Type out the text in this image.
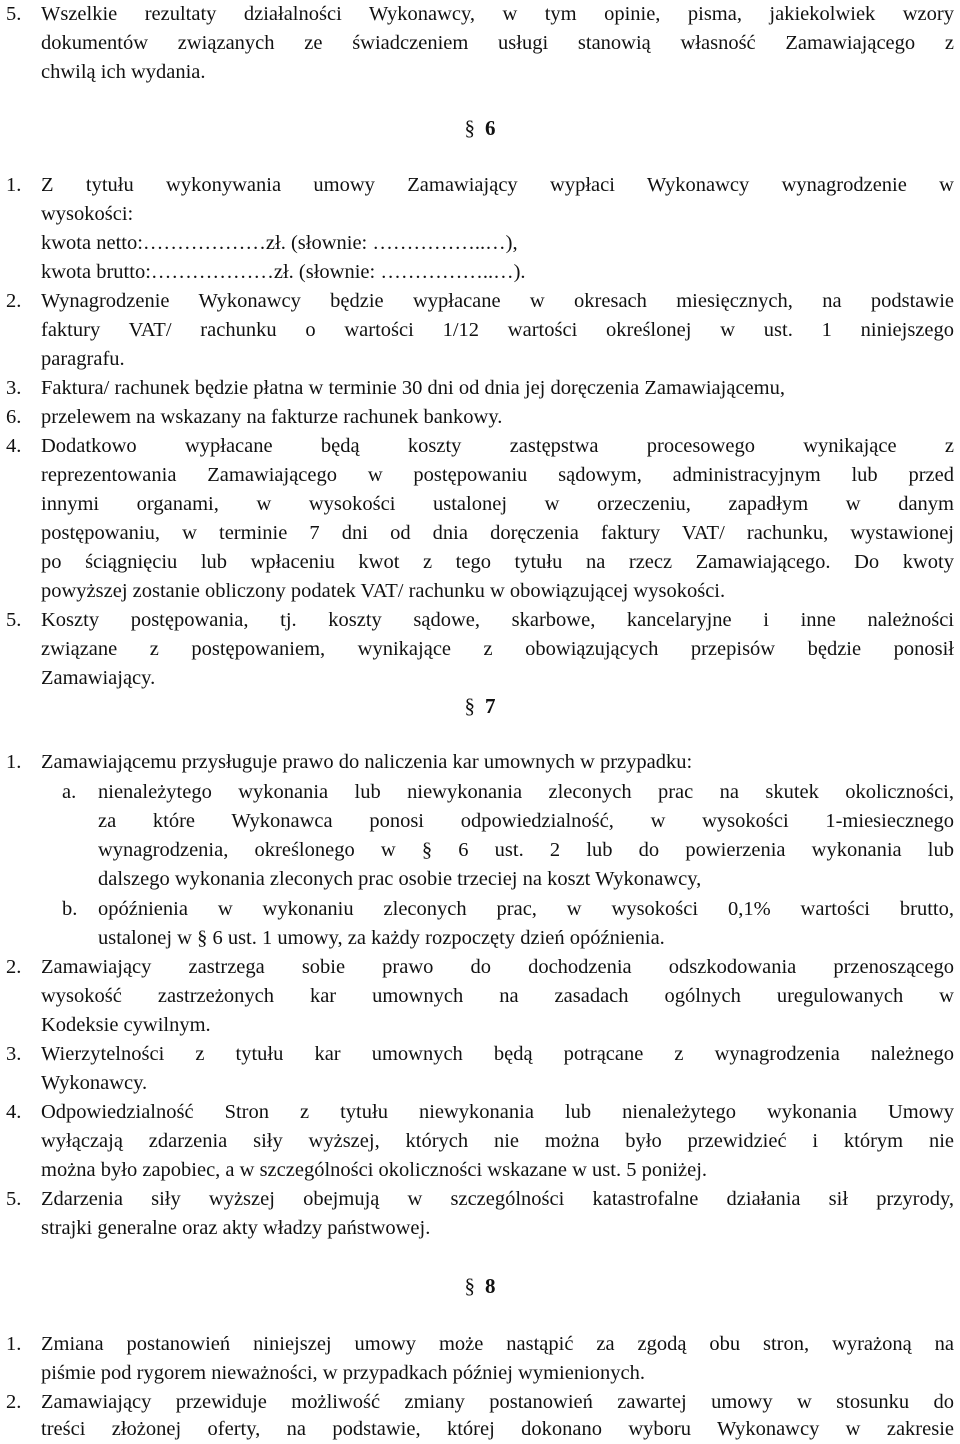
5. Wszelkie rezultaty działalności Wykonawcy, w tym opinie, pisma, jakiekolwiek wzory
dokumentów związanych ze świadczeniem usługi stanowią własność Zamawiającego z
chwilą ich wydania.
§ 6
1. Z tytułu wykonywania umowy Zamawiający wypłaci Wykonawcy wynagrodzenie w
wysokości:
kwota netto:………………zł. (słownie: ……………..…),
kwota brutto:………………zł. (słownie: ……………..…).
2. Wynagrodzenie Wykonawcy będzie wypłacane w okresach miesięcznych, na podstawie
faktury VAT/ rachunku o wartości 1/12 wartości określonej w ust. 1 niniejszego
paragrafu.
3. Faktura/ rachunek będzie płatna w terminie 30 dni od dnia jej doręczenia Zamawiającemu,
6. przelewem na wskazany na fakturze rachunek bankowy.
4. Dodatkowo wypłacane będą koszty zastępstwa procesowego wynikające z
reprezentowania Zamawiającego w postępowaniu sądowym, administracyjnym lub przed
innymi organami, w wysokości ustalonej w orzeczeniu, zapadłym w danym
postępowaniu, w terminie 7 dni od dnia doręczenia faktury VAT/ rachunku, wystawionej
po ściągnięciu lub wpłaceniu kwot z tego tytułu na rzecz Zamawiającego. Do kwoty
powyższej zostanie obliczony podatek VAT/ rachunku w obowiązującej wysokości.
5. Koszty postępowania, tj. koszty sądowe, skarbowe, kancelaryjne i inne należności
związane z postępowaniem, wynikające z obowiązujących przepisów będzie ponosił
Zamawiający.
§ 7
1. Zamawiającemu przysługuje prawo do naliczenia kar umownych w przypadku:
a. nienależytego wykonania lub niewykonania zleconych prac na skutek okoliczności,
za które Wykonawca ponosi odpowiedzialność, w wysokości 1-miesiecznego
wynagrodzenia, określonego w § 6 ust. 2 lub do powierzenia wykonania lub
dalszego wykonania zleconych prac osobie trzeciej na koszt Wykonawcy,
b. opóźnienia w wykonaniu zleconych prac, w wysokości 0,1% wartości brutto,
ustalonej w § 6 ust. 1 umowy, za każdy rozpoczęty dzień opóźnienia.
2. Zamawiający zastrzega sobie prawo do dochodzenia odszkodowania przenoszącego
wysokość zastrzeżonych kar umownych na zasadach ogólnych uregulowanych w
Kodeksie cywilnym.
3. Wierzytelności z tytułu kar umownych będą potrącane z wynagrodzenia należnego
Wykonawcy.
4. Odpowiedzialność Stron z tytułu niewykonania lub nienależytego wykonania Umowy
wyłączają zdarzenia siły wyższej, których nie można było przewidzieć i którym nie
można było zapobiec, a w szczególności okoliczności wskazane w ust. 5 poniżej.
5. Zdarzenia siły wyższej obejmują w szczególności katastrofalne działania sił przyrody,
strajki generalne oraz akty władzy państwowej.
§ 8
1. Zmiana postanowień niniejszej umowy może nastąpić za zgodą obu stron, wyrażoną na
piśmie pod rygorem nieważności, w przypadkach później wymienionych.
2. Zamawiający przewiduje możliwość zmiany postanowień zawartej umowy w stosunku do
treści złożonej oferty, na podstawie, której dokonano wyboru Wykonawcy w zakresie
